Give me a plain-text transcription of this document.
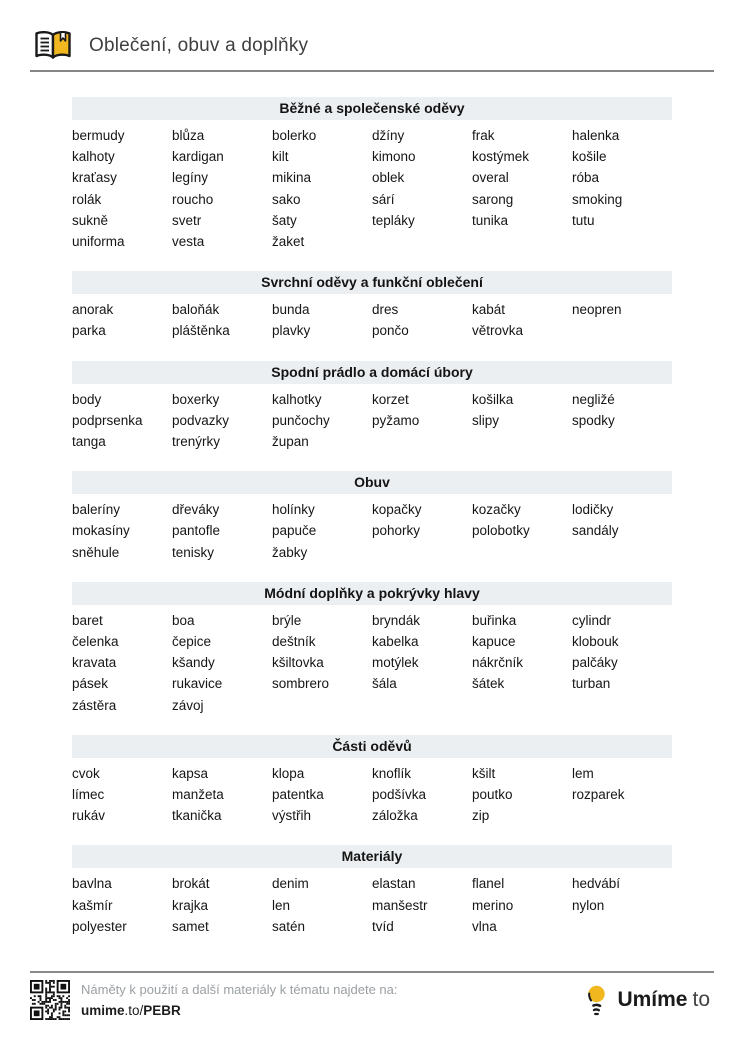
Oblečení, obuv a doplňky
Běžné a společenské oděvy
bermudy	blůza	bolerko	džíny	frak	halenka
kalhoty	kardigan	kilt	kimono	kostýmek	košile
kraťasy	legíny	mikina	oblek	overal	róba
rolák	roucho	sako	sárí	sarong	smoking
sukně	svetr	šaty	tepláky	tunika	tutu
uniforma	vesta	žaket
Svrchní oděvy a funkční oblečení
anorak	baloňák	bunda	dres	kabát	neopren
parka	pláštěnka	plavky	pončo	větrovka
Spodní prádlo a domácí úbory
body	boxerky	kalhotky	korzet	košilka	negližé
podprsenka	podvazky	punčochy	pyžamo	slipy	spodky
tanga	trenýrky	župan
Obuv
baleríny	dřeváky	holínky	kopačky	kozačky	lodičky
mokasíny	pantofle	papuče	pohorky	polobotky	sandály
sněhule	tenisky	žabky
Módní doplňky a pokrývky hlavy
baret	boa	brýle	bryndák	buřinka	cylindr
čelenka	čepice	deštník	kabelka	kapuce	klobouk
kravata	kšandy	kšiltovka	motýlek	nákrčník	palčáky
pásek	rukavice	sombrero	šála	šátek	turban
zástěra	závoj
Části oděvů
cvok	kapsa	klopa	knoflík	kšilt	lem
límec	manžeta	patentka	podšívka	poutko	rozparek
rukáv	tkanička	výstřih	záložka	zip
Materiály
bavlna	brokát	denim	elastan	flanel	hedvábí
kašmír	krajka	len	manšestr	merino	nylon
polyester	samet	satén	tvíd	vlna
Náměty k použití a další materiály k tématu najdete na:
umime.to/PEBR	Umíme to
